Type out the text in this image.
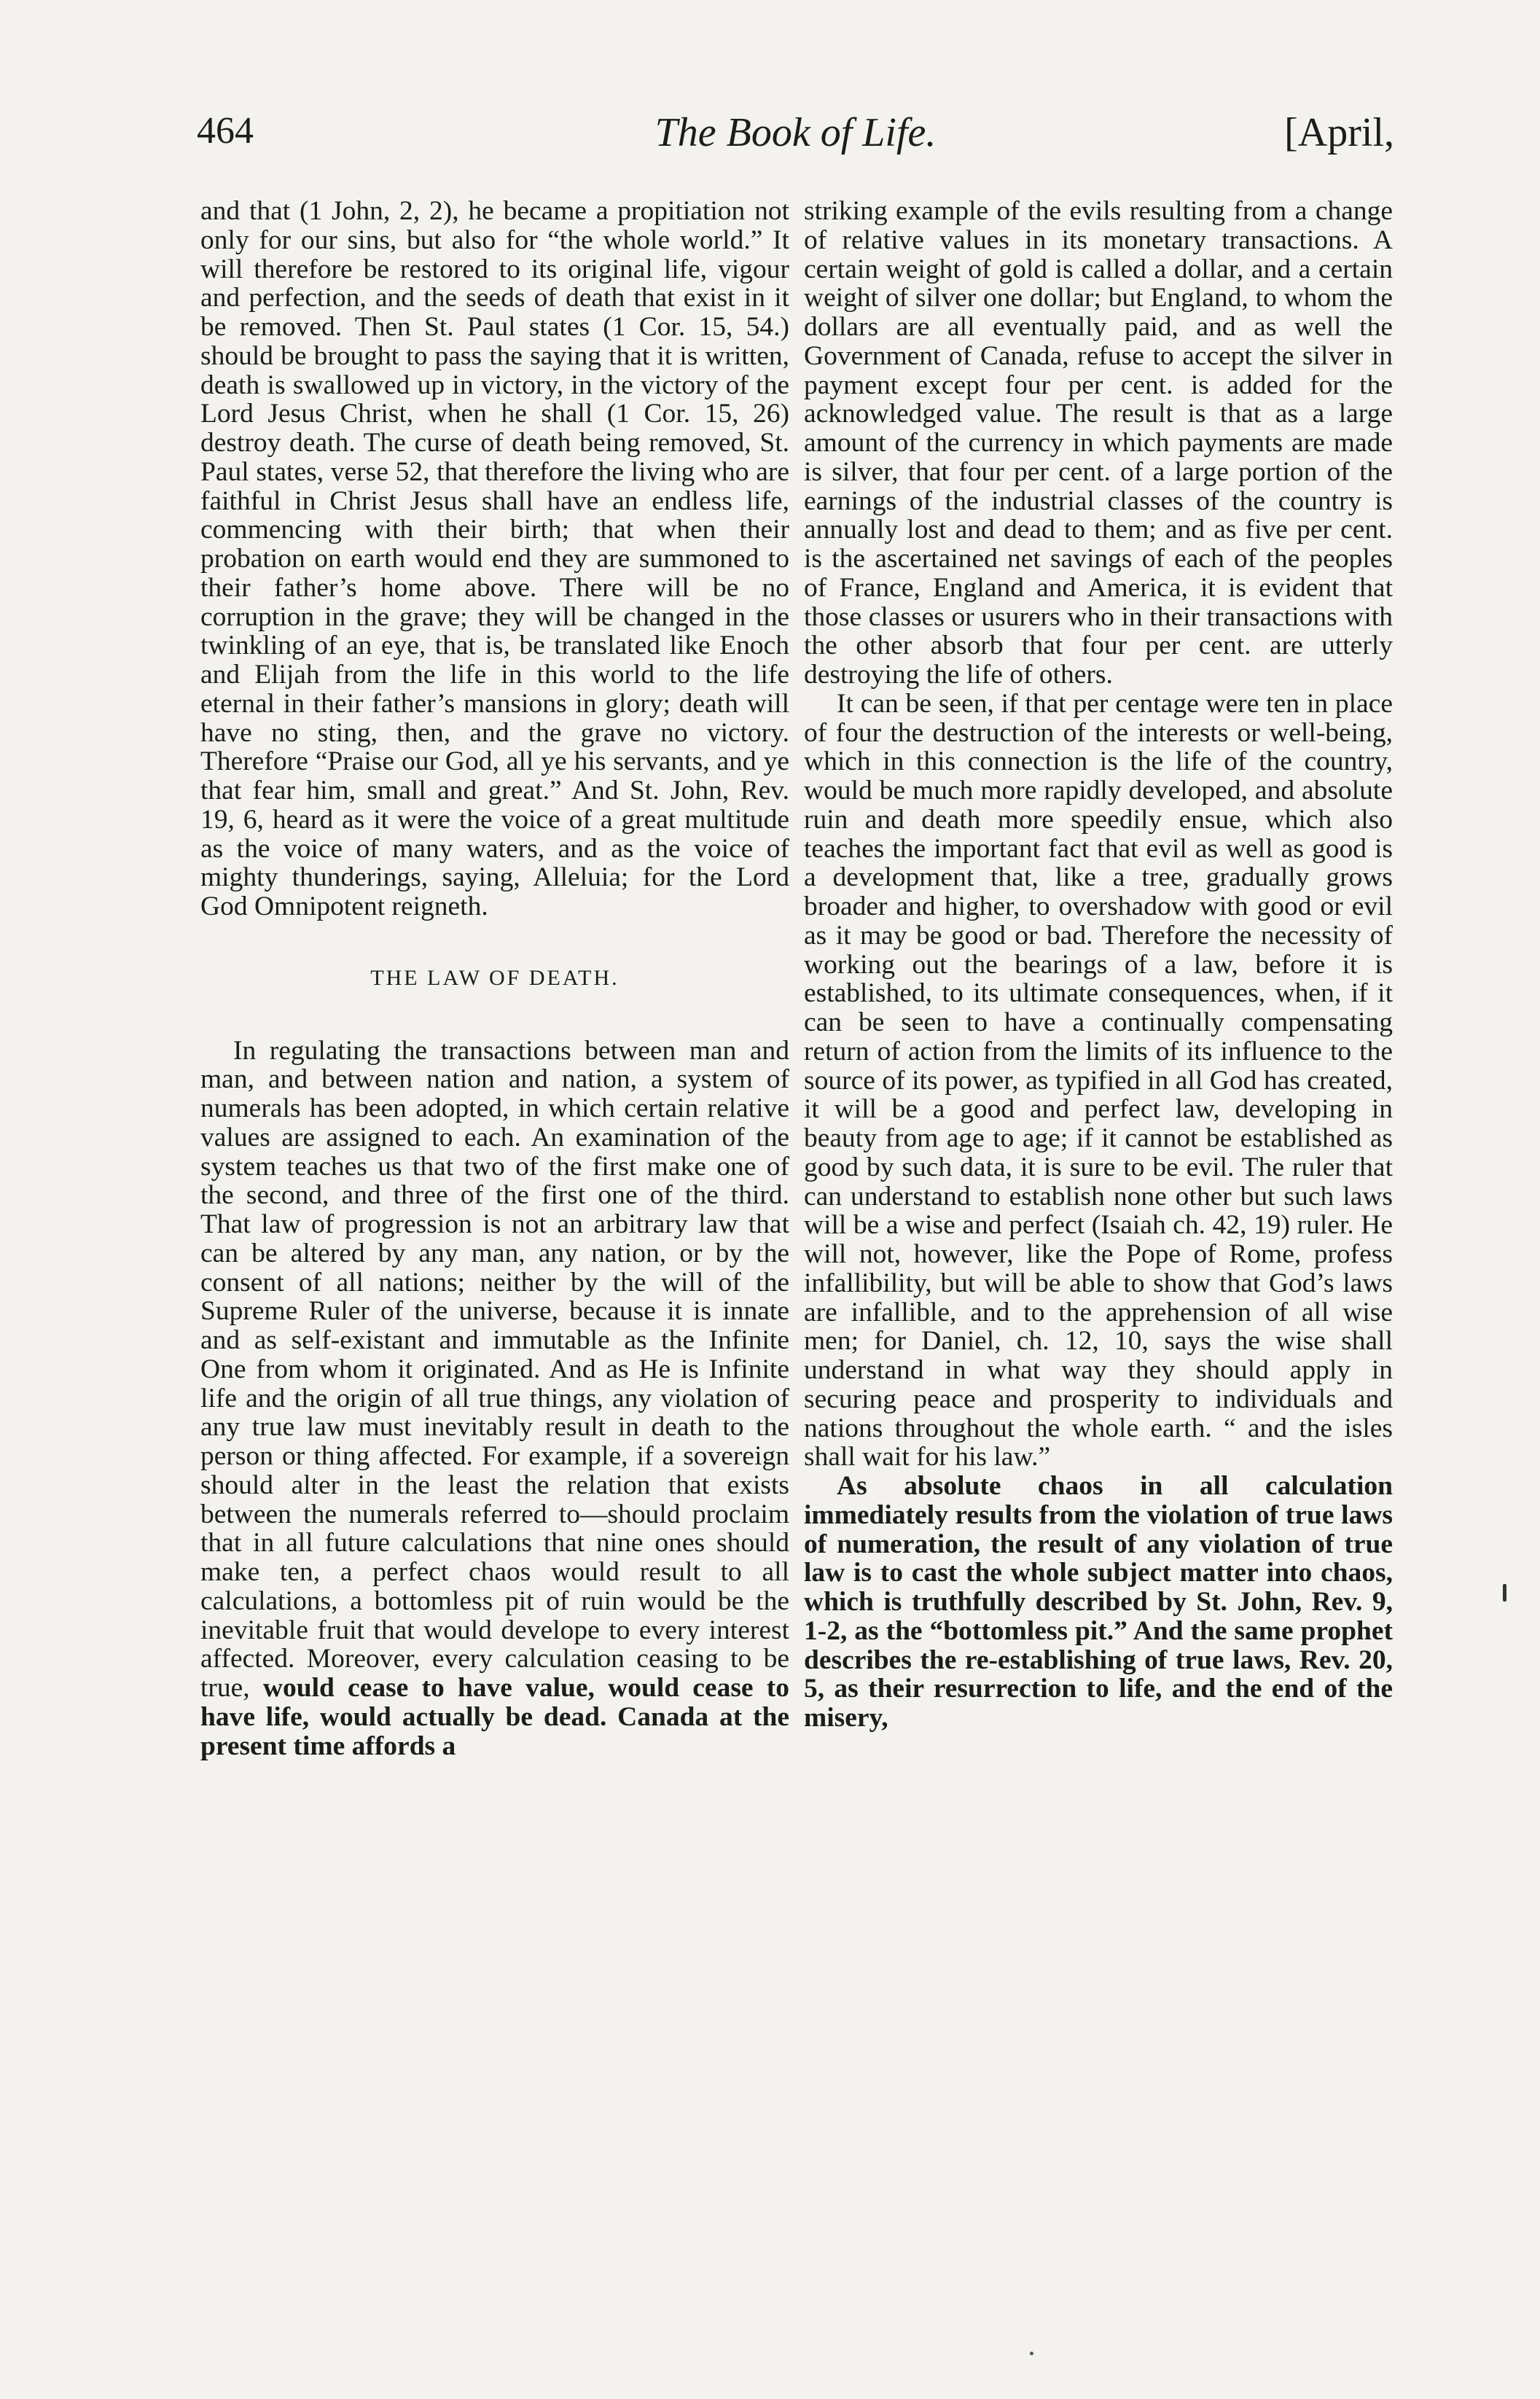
464	The Book of Life.	[April,

and that (1 John, 2, 2), he became a propitiation not only for our sins, but also for “the whole world.” It will therefore be restored to its original life, vigour and perfection, and the seeds of death that exist in it be removed. Then St. Paul states (1 Cor. 15, 54.) should be brought to pass the saying that it is written, death is swallowed up in victory, in the victory of the Lord Jesus Christ, when he shall (1 Cor. 15, 26) destroy death. The curse of death being removed, St. Paul states, verse 52, that therefore the living who are faithful in Christ Jesus shall have an endless life, commencing with their birth; that when their probation on earth would end they are summoned to their father’s home above. There will be no corruption in the grave; they will be changed in the twinkling of an eye, that is, be translated like Enoch and Elijah from the life in this world to the life eternal in their father’s mansions in glory; death will have no sting, then, and the grave no victory. Therefore “Praise our God, all ye his servants, and ye that fear him, small and great.” And St. John, Rev. 19, 6, heard as it were the voice of a great multitude as the voice of many waters, and as the voice of mighty thunderings, saying, Alleluia; for the Lord God Omnipotent reigneth.

THE LAW OF DEATH.

In regulating the transactions between man and man, and between nation and nation, a system of numerals has been adopted, in which certain relative values are assigned to each. An examination of the system teaches us that two of the first make one of the second, and three of the first one of the third. That law of progression is not an arbitrary law that can be altered by any man, any nation, or by the consent of all nations; neither by the will of the Supreme Ruler of the universe, because it is innate and as self-existant and immutable as the Infinite One from whom it originated. And as He is Infinite life and the origin of all true things, any violation of any true law must inevitably result in death to the person or thing affected. For example, if a sovereign should alter in the least the relation that exists between the numerals referred to—should proclaim that in all future calculations that nine ones should make ten, a perfect chaos would result to all calculations, a bottomless pit of ruin would be the inevitable fruit that would develope to every interest affected. Moreover, every calculation ceasing to be true, would cease to have value, would cease to have life, would actually be dead. Canada at the present time affords a

striking example of the evils resulting from a change of relative values in its monetary transactions. A certain weight of gold is called a dollar, and a certain weight of silver one dollar; but England, to whom the dollars are all eventually paid, and as well the Government of Canada, refuse to accept the silver in payment except four per cent. is added for the acknowledged value. The result is that as a large amount of the currency in which payments are made is silver, that four per cent. of a large portion of the earnings of the industrial classes of the country is annually lost and dead to them; and as five per cent. is the ascertained net savings of each of the peoples of France, England and America, it is evident that those classes or usurers who in their transactions with the other absorb that four per cent. are utterly destroying the life of others.

It can be seen, if that per centage were ten in place of four the destruction of the interests or well-being, which in this connection is the life of the country, would be much more rapidly developed, and absolute ruin and death more speedily ensue, which also teaches the important fact that evil as well as good is a development that, like a tree, gradually grows broader and higher, to overshadow with good or evil as it may be good or bad. Therefore the necessity of working out the bearings of a law, before it is established, to its ultimate consequences, when, if it can be seen to have a continually compensating return of action from the limits of its influence to the source of its power, as typified in all God has created, it will be a good and perfect law, developing in beauty from age to age; if it cannot be established as good by such data, it is sure to be evil. The ruler that can understand to establish none other but such laws will be a wise and perfect (Isaiah ch. 42, 19) ruler. He will not, however, like the Pope of Rome, profess infallibility, but will be able to show that God’s laws are infallible, and to the apprehension of all wise men; for Daniel, ch. 12, 10, says the wise shall understand in what way they should apply in securing peace and prosperity to individuals and nations throughout the whole earth. “ and the isles shall wait for his law.”

As absolute chaos in all calculation immediately results from the violation of true laws of numeration, the result of any violation of true law is to cast the whole subject matter into chaos, which is truthfully described by St. John, Rev. 9, 1-2, as the “bottomless pit.” And the same prophet describes the re-establishing of true laws, Rev. 20, 5, as their resurrection to life, and the end of the misery,
